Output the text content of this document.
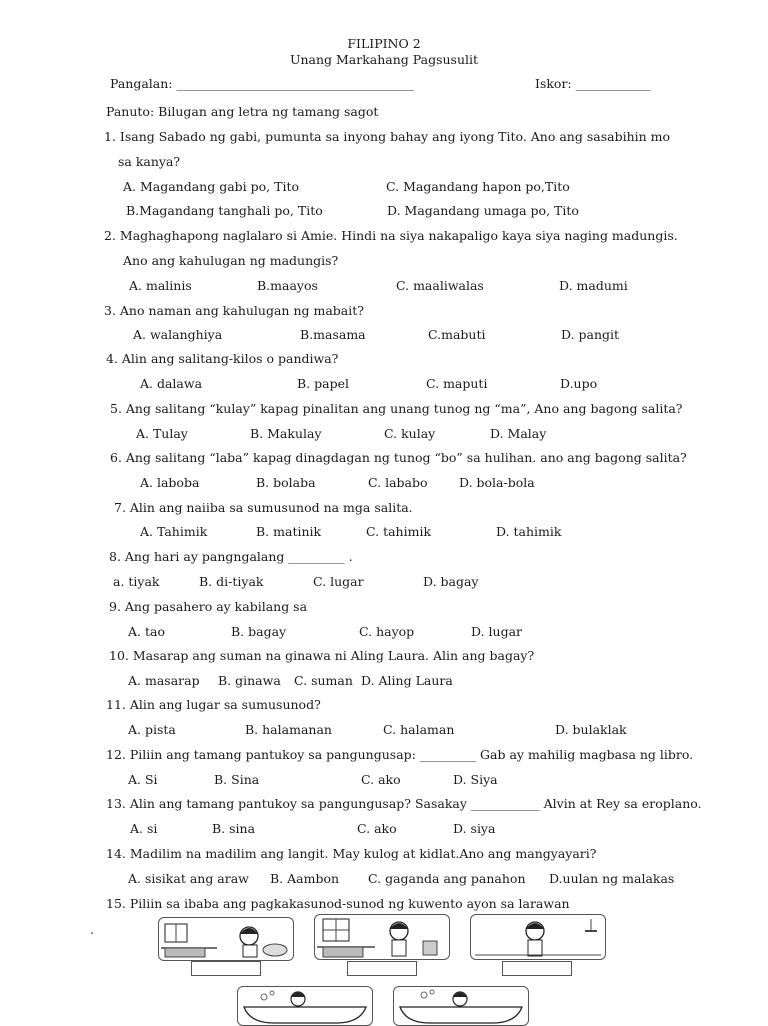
FILIPINO 2
Unang Markahang Pagsusulit
Pangalan: ______________________________________	Iskor: ____________
Panuto: Bilugan ang letra ng tamang sagot
1. Isang Sabado ng gabi, pumunta sa inyong bahay ang iyong Tito. Ano ang sasabihin mo
sa kanya?
A. Magandang gabi po, Tito	C. Magandang hapon po,Tito
B.Magandang tanghali po, Tito	D. Magandang umaga po, Tito
2. Maghaghapong naglalaro si Amie. Hindi na siya nakapaligo kaya siya naging madungis.
Ano ang kahulugan ng madungis?
A. malinis	B.maayos	C. maaliwalas	D. madumi
3. Ano naman ang kahulugan ng mabait?
A. walanghiya	B.masama	C.mabuti	D. pangit
4. Alin ang salitang-kilos o pandiwa?
A. dalawa	B. papel	C. maputi	D.upo
5. Ang salitang “kulay” kapag pinalitan ang unang tunog ng “ma”, Ano ang bagong salita?
A. Tulay	B. Makulay	C. kulay	D. Malay
6. Ang salitang “laba” kapag dinagdagan ng tunog “bo” sa hulihan. ano ang bagong salita?
A. laboba	B. bolaba	C. lababo	D. bola-bola
7. Alin ang naiiba sa sumusunod na mga salita.
A. Tahimik	B. matinik	C. tahimik	D. tahimik
8. Ang hari ay pangngalang _________ .
a. tiyak	B. di-tiyak	C. lugar	D. bagay
9. Ang pasahero ay kabilang sa
A. tao	B. bagay	C. hayop	D. lugar
10. Masarap ang suman na ginawa ni Aling Laura. Alin ang bagay?
A. masarap B. ginawa C. suman D. Aling Laura
11. Alin ang lugar sa sumusunod?
A. pista	B. halamanan	C. halaman	D. bulaklak
12. Piliin ang tamang pantukoy sa pangungusap: _________ Gab ay mahilig magbasa ng libro.
A. Si	B. Sina	C. ako	D. Siya
13. Alin ang tamang pantukoy sa pangungusap? Sasakay ___________ Alvin at Rey sa eroplano.
A. si	B. sina	C. ako	D. siya
14. Madilim na madilim ang langit. May kulog at kidlat.Ano ang mangyayari?
A. sisikat ang araw B. Aambon C. gaganda ang panahon D.uulan ng malakas
15. Piliin sa ibaba ang pagkakasunod-sunod ng kuwento ayon sa larawan
.
